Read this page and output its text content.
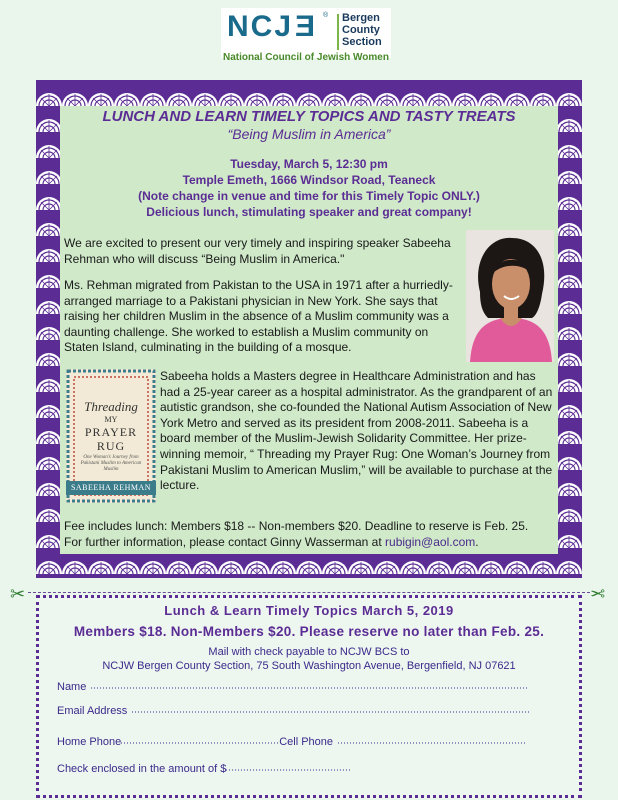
NCJE ® Bergen
County
Section
National Council of Jewish Women
LUNCH AND LEARN TIMELY TOPICS AND TASTY TREATS
“Being Muslim in America”
Tuesday, March 5, 12:30 pm
Temple Emeth, 1666 Windsor Road, Teaneck
(Note change in venue and time for this Timely Topic ONLY.)
Delicious lunch, stimulating speaker and great company!
We are excited to present our very timely and inspiring speaker Sabeeha Rehman who will discuss “Being Muslim in America."
Ms. Rehman migrated from Pakistan to the USA in 1971 after a hurriedly-arranged marriage to a Pakistani physician in New York. She says that raising her children Muslim in the absence of a Muslim community was a daunting challenge. She worked to establish a Muslim community on Staten Island, culminating in the building of a mosque.
Sabeeha holds a Masters degree in Healthcare Administration and has had a 25-year career as a hospital administrator. As the grandparent of an autistic grandson, she co-founded the National Autism Association of New York Metro and served as its president from 2008-2011. Sabeeha is a board member of the Muslim-Jewish Solidarity Committee. Her prize-winning memoir, “ Threading my Prayer Rug: One Woman’s Journey from Pakistani Muslim to American Muslim,” will be available to purchase at the lecture.
Fee includes lunch: Members $18 -- Non-members $20. Deadline to reserve is Feb. 25.
For further information, please contact Ginny Wasserman at rubigin@aol.com.
Threading
MY
PRAYER
RUG
One Woman’s Journey from Pakistani Muslim to American Muslim
SABEEHA REHMAN
✂	✂
Lunch & Learn Timely Topics March 5, 2019
Members $18. Non-Members $20. Please reserve no later than Feb. 25.
Mail with check payable to NCJW BCS to
NCJW Bergen County Section, 75 South Washington Avenue, Bergenfield, NJ 07621
Name
Email Address
Home Phone	Cell Phone
Check enclosed in the amount of $
